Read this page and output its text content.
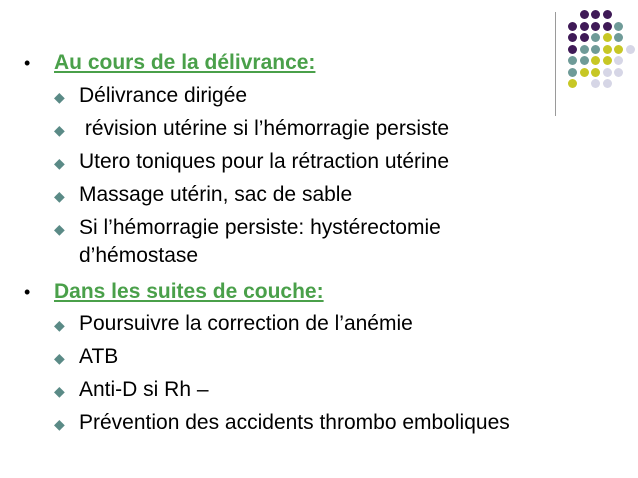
• Au cours de la délivrance:
◆ Délivrance dirigée
◆ révision utérine si l’hémorragie persiste
◆ Utero toniques pour la rétraction utérine
◆ Massage utérin, sac de sable
◆ Si l’hémorragie persiste: hystérectomie
d’hémostase
• Dans les suites de couche:
◆ Poursuivre la correction de l’anémie
◆ ATB
◆ Anti-D si Rh –
◆ Prévention des accidents thrombo emboliques
